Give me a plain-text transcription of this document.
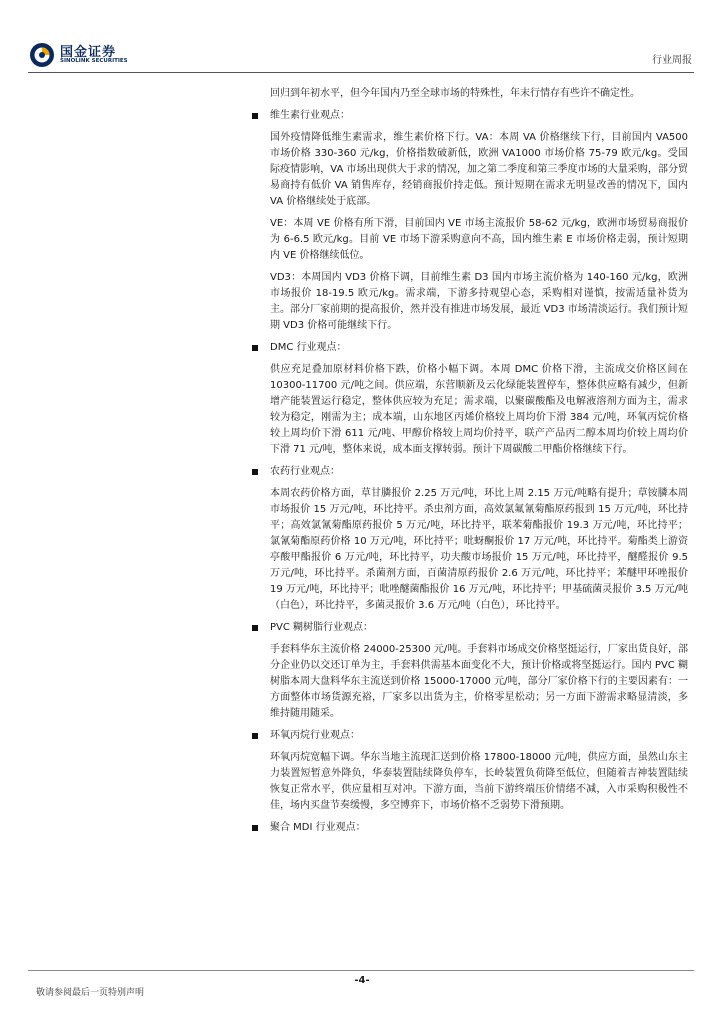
国金证券
SINOLINK SECURITIES	行业周报

回归到年初水平，但今年国内乃至全球市场的特殊性，年末行情存有些许不确定性。

维生素行业观点：

国外疫情降低维生素需求，维生素价格下行。VA：本周 VA 价格继续下行，目前国内 VA500 市场价格 330-360 元/kg，价格指数破新低，欧洲 VA1000 市场价格 75-79 欧元/kg。受国际疫情影响，VA 市场出现供大于求的情况，加之第二季度和第三季度市场的大量采购，部分贸易商持有低价 VA 销售库存，经销商报价持走低。预计短期在需求无明显改善的情况下，国内 VA 价格继续处于底部。

VE：本周 VE 价格有所下滑，目前国内 VE 市场主流报价 58-62 元/kg，欧洲市场贸易商报价为 6-6.5 欧元/kg。目前 VE 市场下游采购意向不高，国内维生素 E 市场价格走弱，预计短期内 VE 价格继续低位。

VD3：本周国内 VD3 价格下调，目前维生素 D3 国内市场主流价格为 140-160 元/kg，欧洲市场报价 18-19.5 欧元/kg。需求端，下游多持观望心态，采购相对谨慎，按需适量补货为主。部分厂家前期的提高报价，然并没有推进市场发展，最近 VD3 市场清淡运行。我们预计短期 VD3 价格可能继续下行。

DMC 行业观点：

供应充足叠加原材料价格下跌，价格小幅下调。本周 DMC 价格下滑，主流成交价格区间在 10300-11700 元/吨之间。供应端，东营顺新及云化绿能装置停车，整体供应略有减少，但新增产能装置运行稳定，整体供应较为充足；需求端，以聚碳酸酯及电解液溶剂方面为主，需求较为稳定，刚需为主；成本端，山东地区丙烯价格较上周均价下滑 384 元/吨，环氧丙烷价格较上周均价下滑 611 元/吨、甲醇价格较上周均价持平，联产产品丙二醇本周均价较上周均价下滑 71 元/吨，整体来说，成本面支撑转弱。预计下周碳酸二甲酯价格继续下行。

农药行业观点：

本周农药价格方面，草甘膦报价 2.25 万元/吨，环比上周 2.15 万元/吨略有提升；草铵膦本周市场报价 15 万元/吨，环比持平。杀虫剂方面，高效氯氟氰菊酯原药报到 15 万元/吨，环比持平；高效氯氰菊酯原药报价 5 万元/吨，环比持平，联苯菊酯报价 19.3 万元/吨，环比持平；氯氰菊酯原药价格 10 万元/吨，环比持平；吡蚜酮报价 17 万元/吨，环比持平。菊酯类上游资亭酸甲酯报价 6 万元/吨，环比持平，功夫酸市场报价 15 万元/吨，环比持平，醚醛报价 9.5 万元/吨，环比持平。杀菌剂方面，百菌清原药报价 2.6 万元/吨，环比持平；苯醚甲环唑报价 19 万元/吨，环比持平；吡唑醚菌酯报价 16 万元/吨，环比持平；甲基硫菌灵报价 3.5 万元/吨（白色），环比持平，多菌灵报价 3.6 万元/吨（白色），环比持平。

PVC 糊树脂行业观点：

手套料华东主流价格 24000-25300 元/吨。手套料市场成交价格坚挺运行，厂家出货良好，部分企业仍以交还订单为主，手套料供需基本面变化不大，预计价格或将坚挺运行。国内 PVC 糊树脂本周大盘料华东主流送到价格 15000-17000 元/吨，部分厂家价格下行的主要因素有：一方面整体市场货源充裕，厂家多以出货为主，价格零星松动；另一方面下游需求略显清淡，多维持随用随采。

环氧丙烷行业观点：

环氧丙烷宽幅下调。华东当地主流现汇送到价格 17800-18000 元/吨，供应方面，虽然山东主力装置短暂意外降负，华泰装置陆续降负停车，长岭装置负荷降至低位，但随着吉神装置陆续恢复正常水平，供应量相互对冲。下游方面，当前下游终端压价情绪不减，入市采购积极性不佳，场内买盘节奏缓慢，多空博弈下，市场价格不乏弱势下滑预期。

聚合 MDI 行业观点：
-4-
敬请参阅最后一页特别声明
